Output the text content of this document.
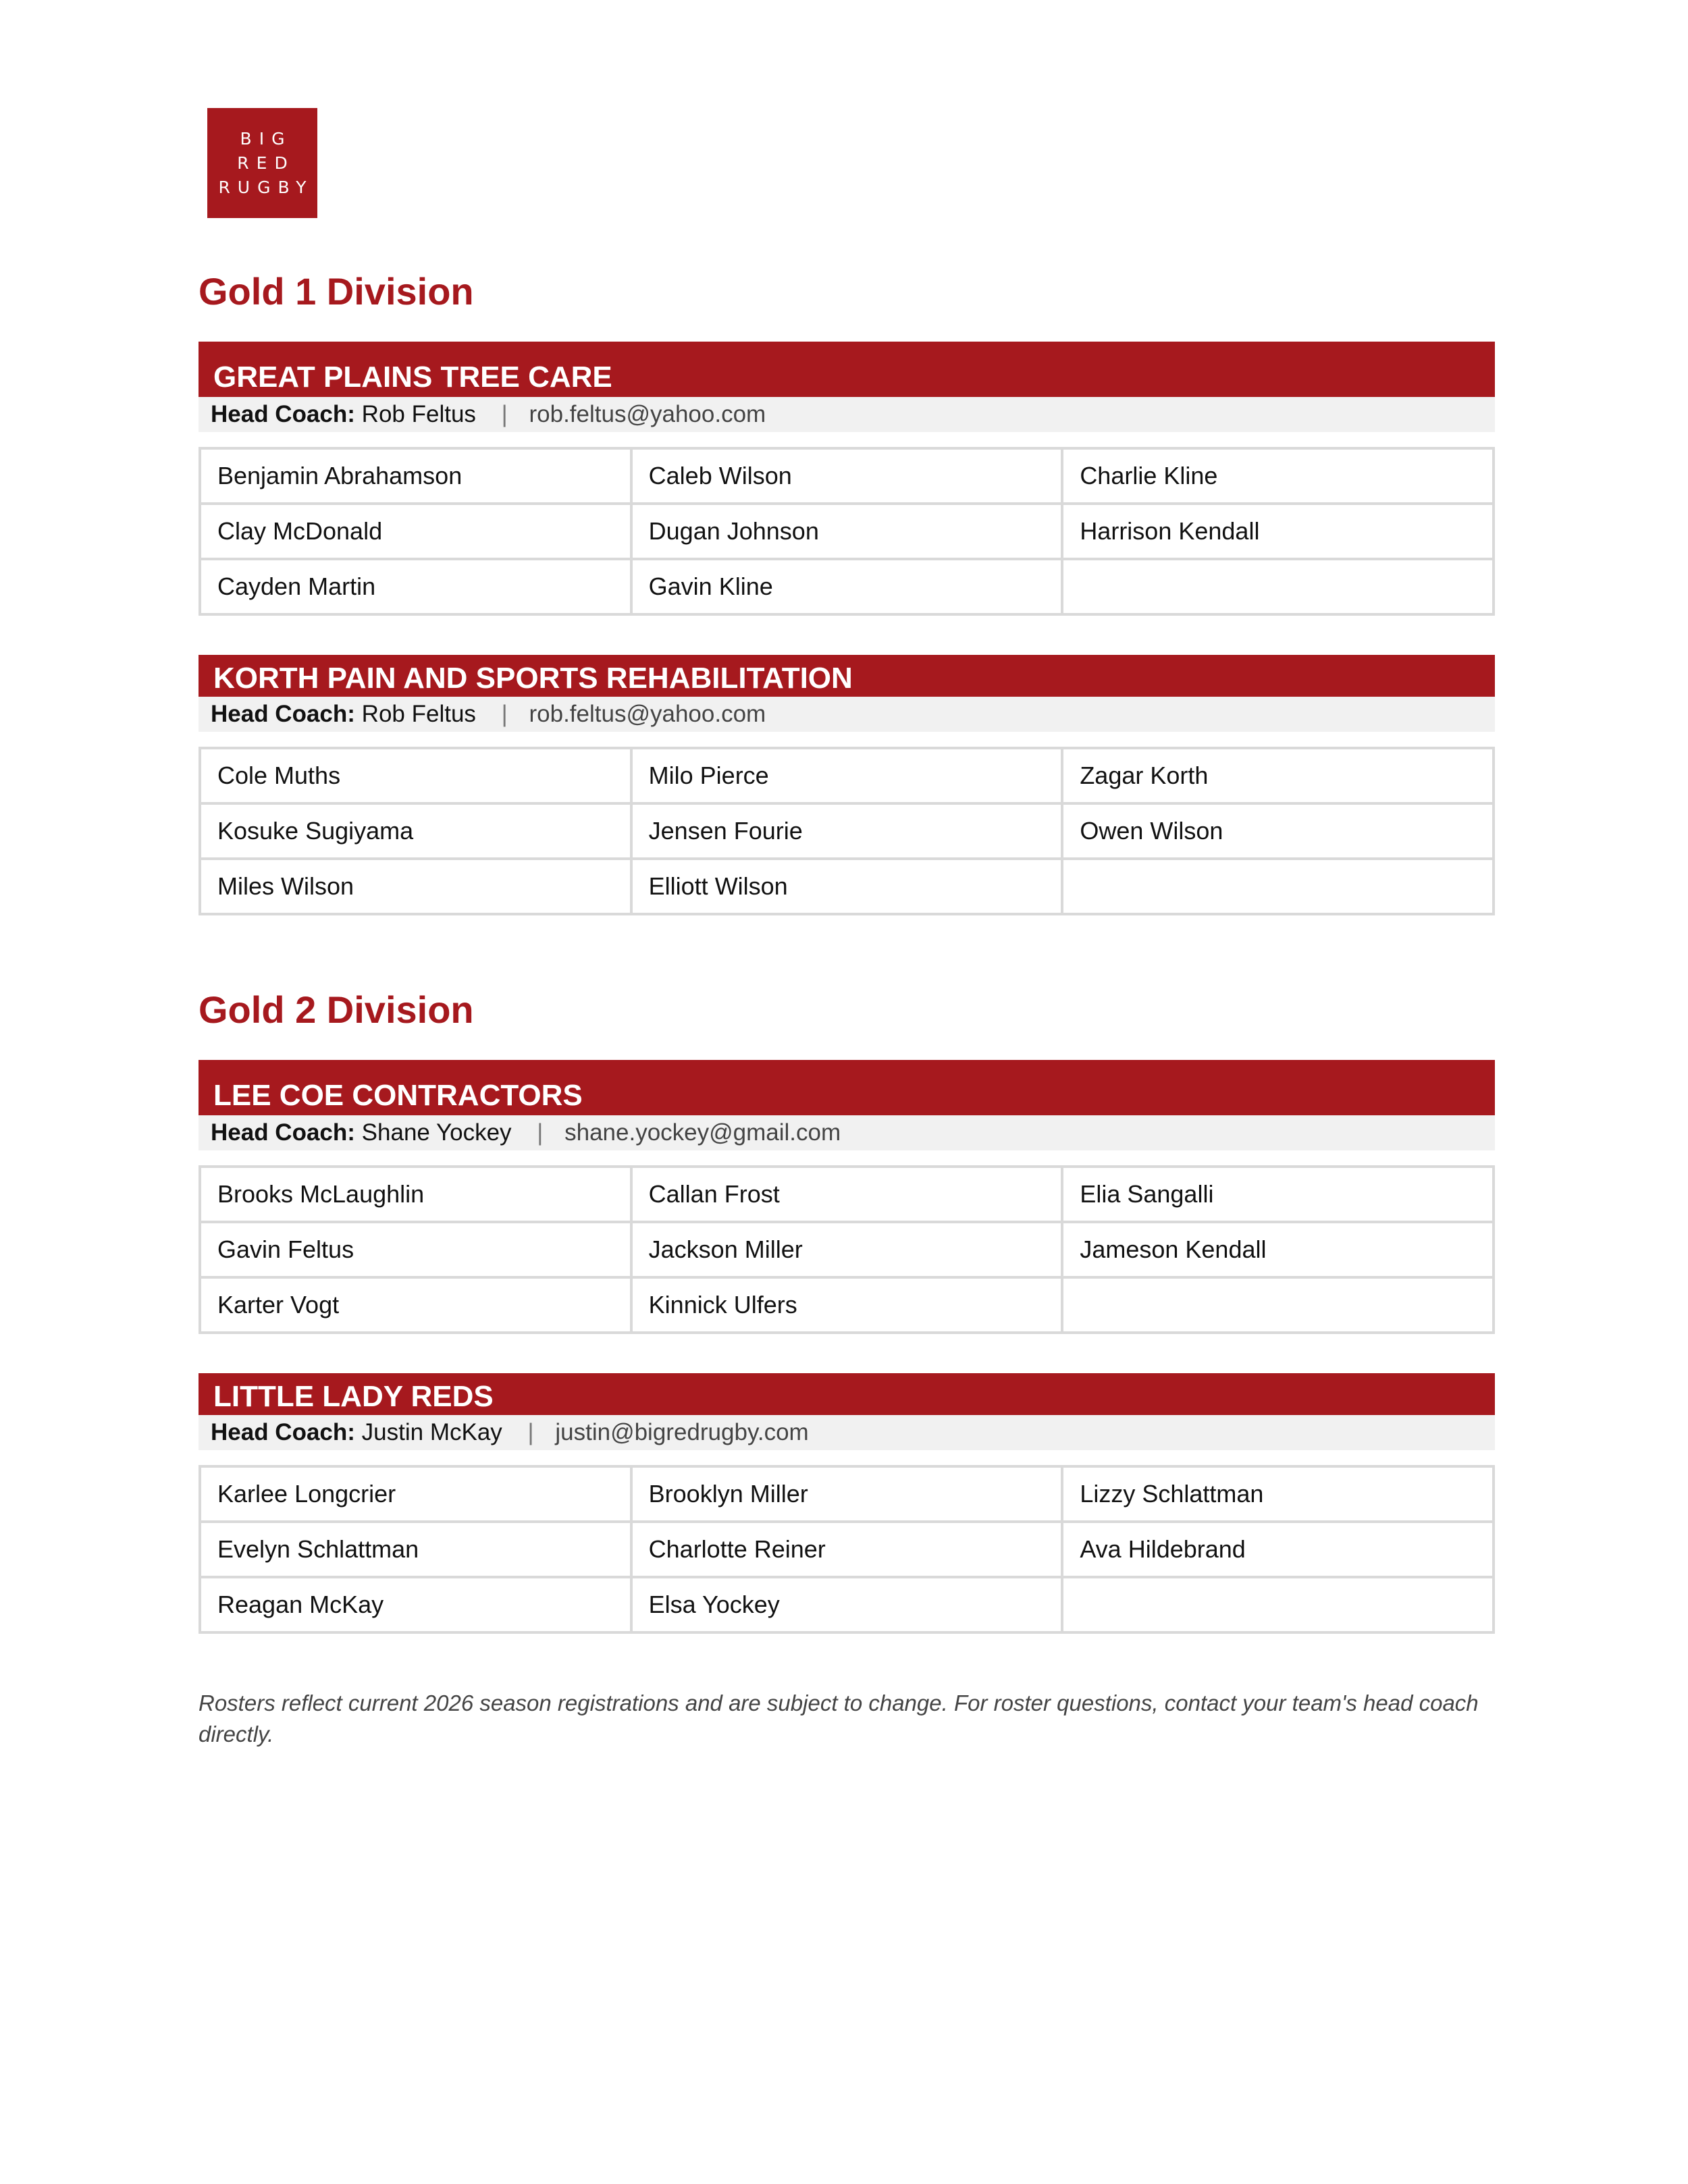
BIG
RED
RUGBY
Gold 1 Division
GREAT PLAINS TREE CARE
Head Coach: Rob Feltus | rob.feltus@yahoo.com
Benjamin Abrahamson	Caleb Wilson	Charlie Kline
Clay McDonald	Dugan Johnson	Harrison Kendall
Cayden Martin	Gavin Kline	
KORTH PAIN AND SPORTS REHABILITATION
Head Coach: Rob Feltus | rob.feltus@yahoo.com
Cole Muths	Milo Pierce	Zagar Korth
Kosuke Sugiyama	Jensen Fourie	Owen Wilson
Miles Wilson	Elliott Wilson	
Gold 2 Division
LEE COE CONTRACTORS
Head Coach: Shane Yockey | shane.yockey@gmail.com
Brooks McLaughlin	Callan Frost	Elia Sangalli
Gavin Feltus	Jackson Miller	Jameson Kendall
Karter Vogt	Kinnick Ulfers	
LITTLE LADY REDS
Head Coach: Justin McKay | justin@bigredrugby.com
Karlee Longcrier	Brooklyn Miller	Lizzy Schlattman
Evelyn Schlattman	Charlotte Reiner	Ava Hildebrand
Reagan McKay	Elsa Yockey	

Rosters reflect current 2026 season registrations and are subject to change. For roster questions, contact your team's head coach directly.
